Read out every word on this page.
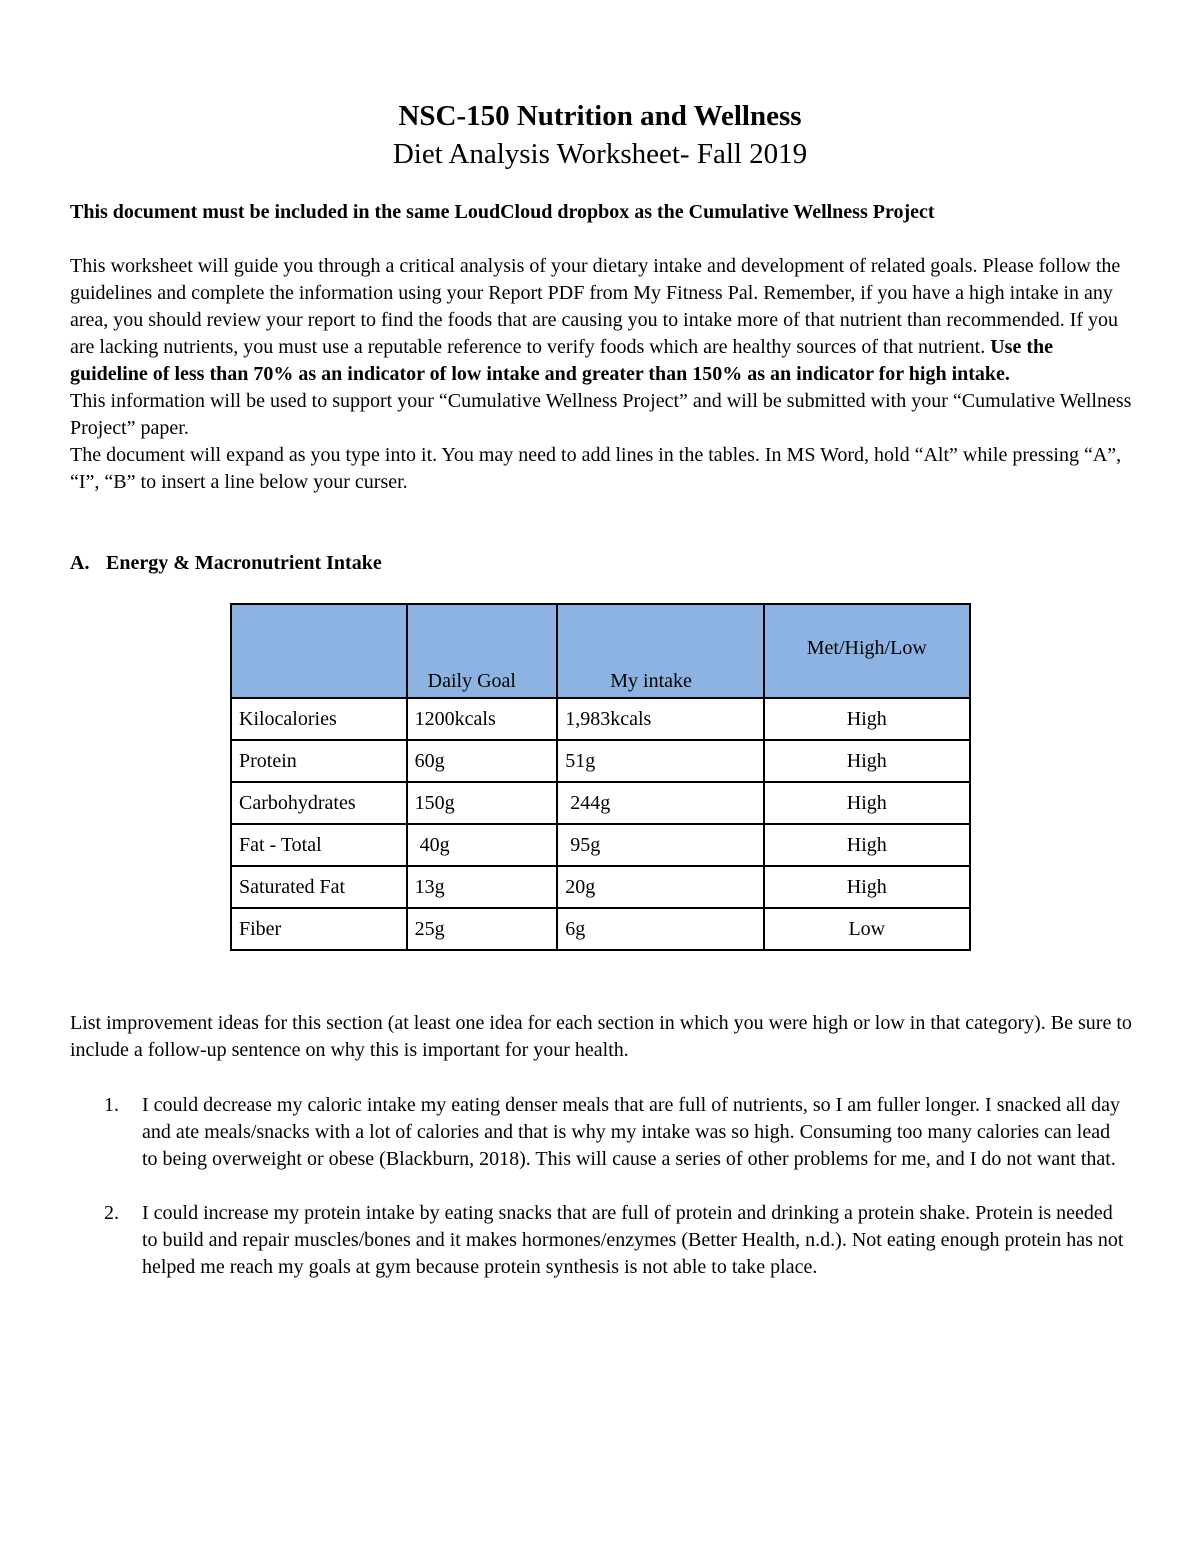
NSC-150 Nutrition and Wellness
Diet Analysis Worksheet- Fall 2019
This document must be included in the same LoudCloud dropbox as the Cumulative Wellness Project

This worksheet will guide you through a critical analysis of your dietary intake and development of related goals. Please follow the guidelines and complete the information using your Report PDF from My Fitness Pal. Remember, if you have a high intake in any area, you should review your report to find the foods that are causing you to intake more of that nutrient than recommended. If you are lacking nutrients, you must use a reputable reference to verify foods which are healthy sources of that nutrient. Use the guideline of less than 70% as an indicator of low intake and greater than 150% as an indicator for high intake.

This information will be used to support your “Cumulative Wellness Project” and will be submitted with your “Cumulative Wellness Project” paper.

The document will expand as you type into it. You may need to add lines in the tables. In MS Word, hold “Alt” while pressing “A”, “I”, “B” to insert a line below your curser.

A. Energy & Macronutrient Intake
	Daily Goal	My intake	Met/High/Low
Kilocalories	1200kcals	1,983kcals	High
Protein	60g	51g	High
Carbohydrates	150g	244g	High
Fat - Total	40g	95g	High
Saturated Fat	13g	20g	High
Fiber	25g	6g	Low
List improvement ideas for this section (at least one idea for each section in which you were high or low in that category). Be sure to include a follow-up sentence on why this is important for your health.
1. I could decrease my caloric intake my eating denser meals that are full of nutrients, so I am fuller longer. I snacked all day and ate meals/snacks with a lot of calories and that is why my intake was so high. Consuming too many calories can lead to being overweight or obese (Blackburn, 2018). This will cause a series of other problems for me, and I do not want that.
2. I could increase my protein intake by eating snacks that are full of protein and drinking a protein shake. Protein is needed to build and repair muscles/bones and it makes hormones/enzymes (Better Health, n.d.). Not eating enough protein has not helped me reach my goals at gym because protein synthesis is not able to take place.
